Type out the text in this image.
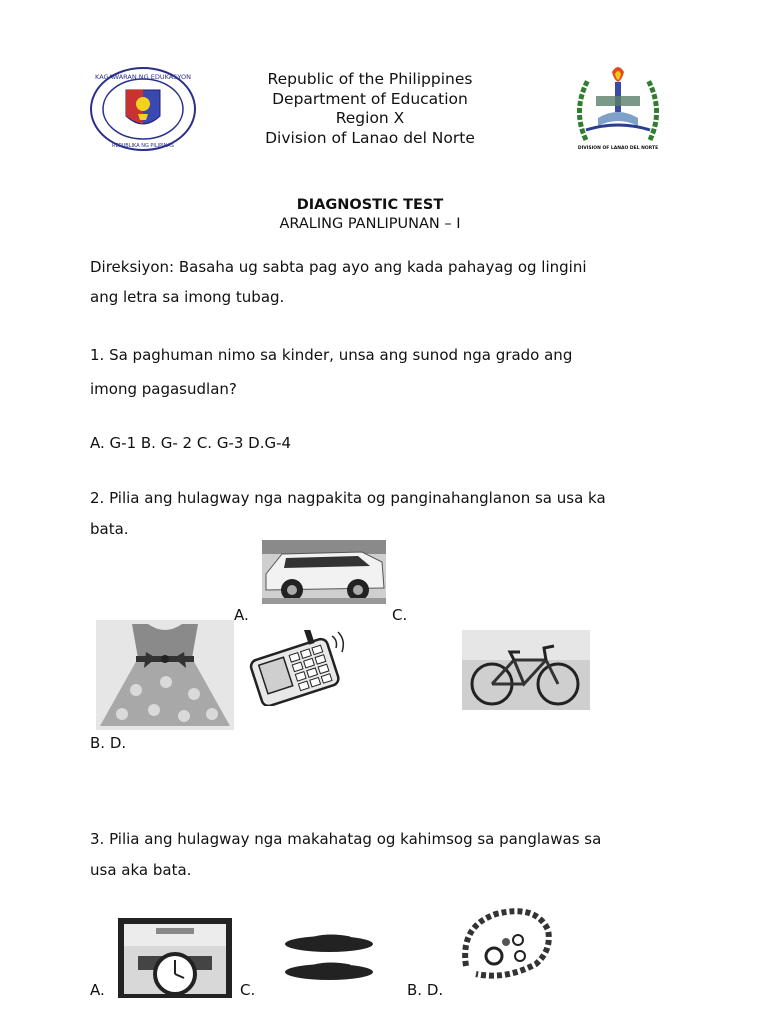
KAGAWARAN NG EDUKASYON
REPUBLIKA NG PILIPINAS
Republic of the Philippines
Department of Education
Region X
Division of Lanao del Norte
DIVISION OF LANAO DEL NORTE
DIAGNOSTIC TEST
ARALING PANLIPUNAN – I
Direksiyon: Basaha ug sabta pag ayo ang kada pahayag og lingini
ang letra sa imong tubag.
1. Sa paghuman nimo sa kinder, unsa ang sunod nga grado ang
imong pagasudlan?
A. G-1 B. G- 2 C. G-3 D.G-4
2. Pilia ang hulagway nga nagpakita og panginahanglanon sa usa ka
bata.
A.	C.
B. D.
3. Pilia ang hulagway nga makahatag og kahimsog sa panglawas sa
usa aka bata.
A.	C.	B. D.
